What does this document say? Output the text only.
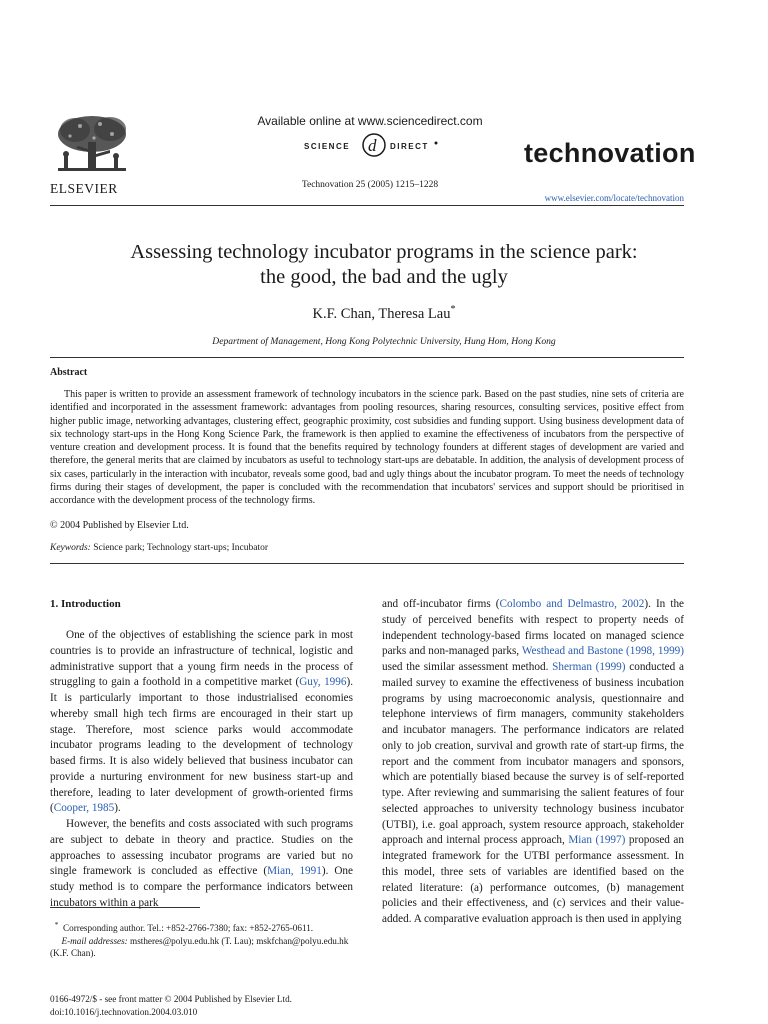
ELSEVIER
Available online at www.sciencedirect.com
SCIENCE d DIRECT
Technovation 25 (2005) 1215–1228
technovation
www.elsevier.com/locate/technovation
Assessing technology incubator programs in the science park:
the good, the bad and the ugly
K.F. Chan, Theresa Lau*
Department of Management, Hong Kong Polytechnic University, Hung Hom, Hong Kong
Abstract
This paper is written to provide an assessment framework of technology incubators in the science park. Based on the past studies, nine sets of criteria are identified and incorporated in the assessment framework: advantages from pooling resources, sharing resources, consulting services, positive effect from higher public image, networking advantages, clustering effect, geographic proximity, cost subsidies and funding support. Using business development data of six technology start-ups in the Hong Kong Science Park, the framework is then applied to examine the effectiveness of incubators from the perspective of venture creation and development process. It is found that the benefits required by technology founders at different stages of development are varied and therefore, the general merits that are claimed by incubators as useful to technology start-ups are debatable. In addition, the analysis of development process of six cases, particularly in the interaction with incubator, reveals some good, bad and ugly things about the incubator program. To meet the needs of technology firms during their stages of development, the paper is concluded with the recommendation that incubators' services and support should be prioritised in accordance with the development process of the technology firms.
© 2004 Published by Elsevier Ltd.
Keywords: Science park; Technology start-ups; Incubator
1. Introduction

One of the objectives of establishing the science park in most countries is to provide an infrastructure of technical, logistic and administrative support that a young firm needs in the process of struggling to gain a foothold in a competitive market (Guy, 1996). It is particularly important to those industrialised economies whereby small high tech firms are encouraged in their start up stage. Therefore, most science parks would accommodate incubator programs leading to the development of technology based firms. It is also widely believed that business incubator can provide a nurturing environment for new business start-up and therefore, leading to later development of growth-oriented firms (Cooper, 1985).

However, the benefits and costs associated with such programs are subject to debate in theory and practice. Studies on the approaches to assessing incubator programs are varied but no single framework is concluded as effective (Mian, 1991). One study method is to compare the performance indicators between incubators within a park

and off-incubator firms (Colombo and Delmastro, 2002). In the study of perceived benefits with respect to property needs of independent technology-based firms located on managed science parks and non-managed parks, Westhead and Bastone (1998, 1999) used the similar assessment method. Sherman (1999) conducted a mailed survey to examine the effectiveness of business incubation programs by using macroeconomic analysis, questionnaire and telephone interviews of firm managers, community stakeholders and incubator managers. The performance indicators are related only to job creation, survival and growth rate of start-up firms, the report and the comment from incubator managers and sponsors, which are potentially biased because the survey is of self-reported type. After reviewing and summarising the salient features of four selected approaches to university technology business incubator (UTBI), i.e. goal approach, system resource approach, stakeholder approach and internal process approach, Mian (1997) proposed an integrated framework for the UTBI performance assessment. In this model, three sets of variables are identified based on the related literature: (a) performance outcomes, (b) management policies and their effectiveness, and (c) services and their value-added. A comparative evaluation approach is then used in applying

* Corresponding author. Tel.: +852-2766-7380; fax: +852-2765-0611.
E-mail addresses: mstheres@polyu.edu.hk (T. Lau); mskfchan@polyu.edu.hk (K.F. Chan).
0166-4972/$ - see front matter © 2004 Published by Elsevier Ltd.
doi:10.1016/j.technovation.2004.03.010
